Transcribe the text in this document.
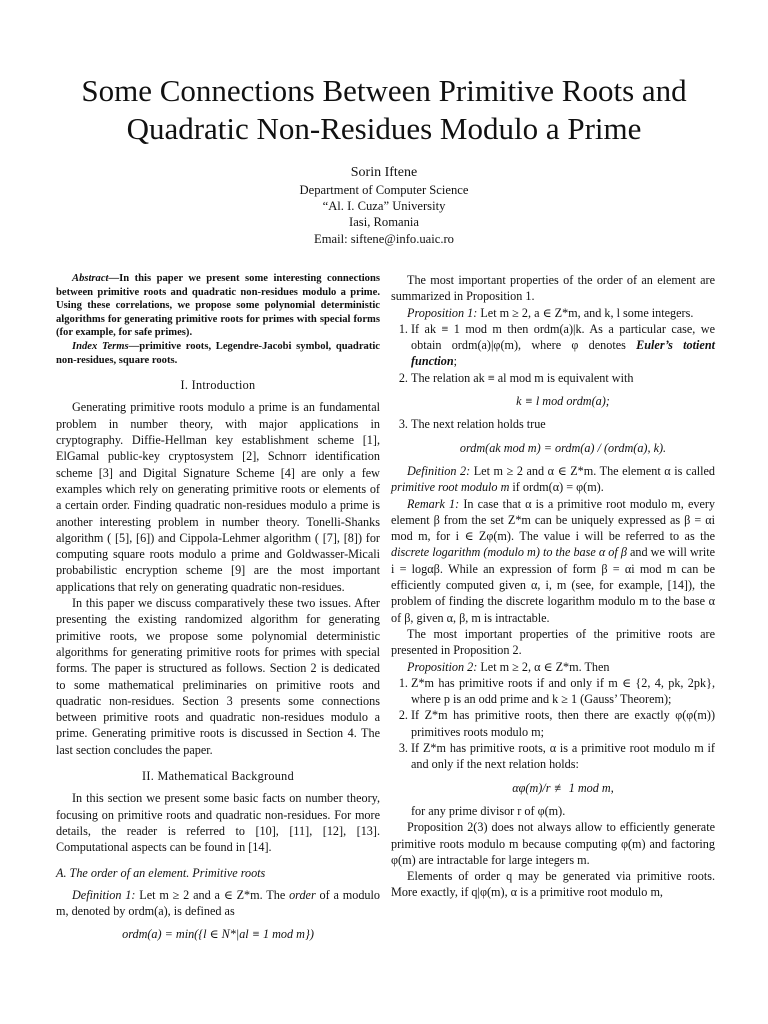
Some Connections Between Primitive Roots and Quadratic Non-Residues Modulo a Prime
Sorin Iftene
Department of Computer Science
“Al. I. Cuza” University
Iasi, Romania
Email: siftene@info.uaic.ro

Abstract—In this paper we present some interesting connections between primitive roots and quadratic non-residues modulo a prime. Using these correlations, we propose some polynomial deterministic algorithms for generating primitive roots for primes with special forms (for example, for safe primes).

Index Terms—primitive roots, Legendre-Jacobi symbol, quadratic non-residues, square roots.

I. Introduction

Generating primitive roots modulo a prime is an fundamental problem in number theory, with major applications in cryptography. Diffie-Hellman key establishment scheme [1], ElGamal public-key cryptosystem [2], Schnorr identification scheme [3] and Digital Signature Scheme [4] are only a few examples which rely on generating primitive roots or elements of a certain order. Finding quadratic non-residues modulo a prime is another interesting problem in number theory. Tonelli-Shanks algorithm ( [5], [6]) and Cippola-Lehmer algorithm ( [7], [8]) for computing square roots modulo a prime and Goldwasser-Micali probabilistic encryption scheme [9] are the most important applications that rely on generating quadratic non-residues.

In this paper we discuss comparatively these two issues. After presenting the existing randomized algorithm for generating primitive roots, we propose some polynomial deterministic algorithms for generating primitive roots for primes with special forms. The paper is structured as follows. Section 2 is dedicated to some mathematical preliminaries on primitive roots and quadratic non-residues. Section 3 presents some connections between primitive roots and quadratic non-residues modulo a prime. Generating primitive roots is discussed in Section 4. The last section concludes the paper.

II. Mathematical Background

In this section we present some basic facts on number theory, focusing on primitive roots and quadratic non-residues. For more details, the reader is referred to [10], [11], [12], [13]. Computational aspects can be found in [14].

A. The order of an element. Primitive roots

Definition 1: Let m ≥ 2 and a ∈ Z*m. The order of a modulo m, denoted by ordm(a), is defined as

ordm(a) = min({l ∈ N*|al ≡ 1 mod m})

The most important properties of the order of an element are summarized in Proposition 1.

Proposition 1: Let m ≥ 2, a ∈ Z*m, and k, l some integers.

1. If ak ≡ 1 mod m then ordm(a)|k. As a particular case, we obtain ordm(a)|φ(m), where φ denotes Euler’s totient function;
2. The relation ak ≡ al mod m is equivalent with
k ≡ l mod ordm(a);
3. The next relation holds true
ordm(ak mod m) = ordm(a) / (ordm(a), k).

Definition 2: Let m ≥ 2 and α ∈ Z*m. The element α is called primitive root modulo m if ordm(α) = φ(m).

Remark 1: In case that α is a primitive root modulo m, every element β from the set Z*m can be uniquely expressed as β = αi mod m, for i ∈ Zφ(m). The value i will be referred to as the discrete logarithm (modulo m) to the base α of β and we will write i = logαβ. While an expression of form β = αi mod m can be efficiently computed given α, i, m (see, for example, [14]), the problem of finding the discrete logarithm modulo m to the base α of β, given α, β, m is intractable.

The most important properties of the primitive roots are presented in Proposition 2.

Proposition 2: Let m ≥ 2, α ∈ Z*m. Then

1. Z*m has primitive roots if and only if m ∈ {2, 4, pk, 2pk}, where p is an odd prime and k ≥ 1 (Gauss’ Theorem);
2. If Z*m has primitive roots, then there are exactly φ(φ(m)) primitives roots modulo m;
3. If Z*m has primitive roots, α is a primitive root modulo m if and only if the next relation holds:
αφ(m)/r ≢ 1 mod m,
for any prime divisor r of φ(m).

Proposition 2(3) does not always allow to efficiently generate primitive roots modulo m because computing φ(m) and factoring φ(m) are intractable for large integers m.

Elements of order q may be generated via primitive roots. More exactly, if q|φ(m), α is a primitive root modulo m,
